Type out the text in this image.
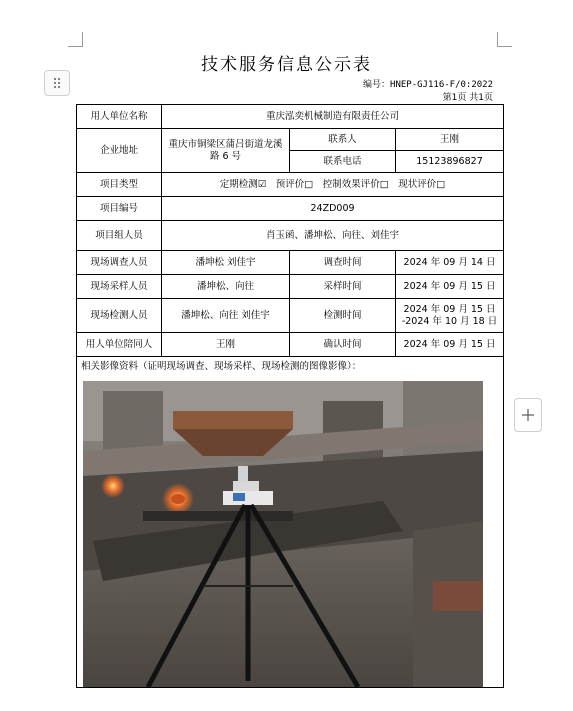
技术服务信息公示表
编号：HNEP-GJ116-F/0:2022
第1页 共1页
用人单位名称	重庆泓奕机械制造有限责任公司		
企业地址	重庆市铜梁区蒲吕街道龙溪路 6 号	联系人	王刚
		联系电话	15123896827
项目类型	定期检测☑　预评价□　控制效果评价□　现状评价□		
项目编号	24ZD009		
项目组人员	肖玉函、潘坤松、向往、刘佳宇		
现场调查人员	潘坤松 刘佳宇	调查时间	2024 年 09 月 14 日
现场采样人员	潘坤松、向往	采样时间	2024 年 09 月 15 日
现场检测人员	潘坤松、向往 刘佳宇	检测时间	2024 年 09 月 15 日
-2024 年 10 月 18 日

用人单位陪同人	王刚	确认时间	2024 年 09 月 15 日

相关影像资料（证明现场调查、现场采样、现场检测的图像影像）：			
